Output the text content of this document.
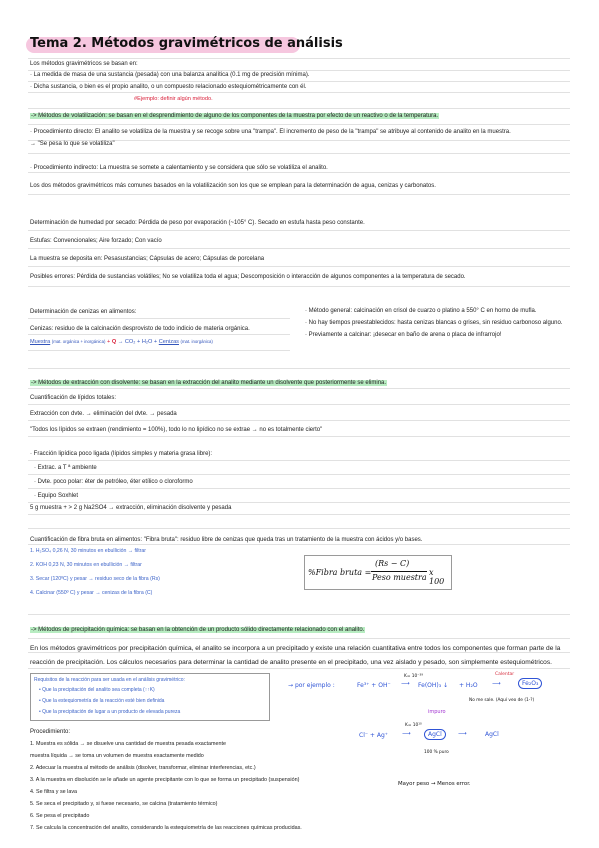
Tema 2. Métodos gravimétricos de análisis
Los métodos gravimétricos se basan en:
· La medida de masa de una sustancia (pesada) con una balanza analítica (0.1 mg de precisión mínima).
· Dicha sustancia, o bien es el propio analito, o un compuesto relacionado estequiométricamente con él.
#Ejemplo: definir algún método.
-> Métodos de volatilización: se basan en el desprendimiento de alguno de los componentes de la muestra por efecto de un reactivo o de la temperatura.
· Procedimiento directo: El analito se volatiliza de la muestra y se recoge sobre una "trampa". El incremento de peso de la "trampa" se atribuye al contenido de analito en la muestra.
→ "Se pesa lo que se volatiliza"
· Procedimiento indirecto: La muestra se somete a calentamiento y se considera que sólo se volatiliza el analito.
Los dos métodos gravimétricos más comunes basados en la volatilización son los que se emplean para la determinación de agua, cenizas y carbonatos.
Determinación de humedad por secado: Pérdida de peso por evaporación (~105° C). Secado en estufa hasta peso constante.
Estufas: Convencionales; Aire forzado; Con vacío
La muestra se deposita en: Pesasustancias; Cápsulas de acero; Cápsulas de porcelana
Posibles errores: Pérdida de sustancias volátiles; No se volatiliza toda el agua; Descomposición o interacción de algunos componentes a la temperatura de secado.
Determinación de cenizas en alimentos:
Cenizas: residuo de la calcinación desprovisto de todo indicio de materia orgánica.
Muestra (mat. orgánica + inorgánica) + Q → CO₂ + H₂O + Cenizas (mat. inorgánica)
· Método general: calcinación en crisol de cuarzo o platino a 550° C en horno de mufla.
· No hay tiempos preestablecidos: hasta cenizas blancas o grises, sin residuo carbonoso alguno.
· Previamente a calcinar: ¡desecar en baño de arena o placa de infrarrojo!
-> Métodos de extracción con disolvente: se basan en la extracción del analito mediante un disolvente que posteriormente se elimina.
Cuantificación de lípidos totales:
Extracción con dvte. → eliminación del dvte. → pesada
"Todos los lípidos se extraen (rendimiento = 100%), todo lo no lipídico no se extrae → no es totalmente cierto"
· Fracción lipídica poco ligada (lípidos simples y materia grasa libre):
· Extrac. a T ª ambiente
· Dvte. poco polar: éter de petróleo, éter etílico o cloroformo
· Equipo Soxhlet
5 g muestra + > 2 g Na2SO4 → extracción, eliminación disolvente y pesada
Cuantificación de fibra bruta en alimentos: "Fibra bruta": residuo libre de cenizas que queda tras un tratamiento de la muestra con ácidos y/o bases.
1. H₂SO₄ 0,26 N, 30 minutos en ebullición → filtrar
2. KOH 0,23 N, 30 minutos en ebullición → filtrar
3. Secar (120ºC) y pesar → residuo seco de la fibra (Rs)
4. Calcinar (550º C) y pesar → cenizas de la fibra (C)
%Fibra bruta =
(Rs − C)
Peso muestra
x 100
-> Métodos de precipitación química: se basan en la obtención de un producto sólido directamente relacionado con el analito.
En los métodos gravimétricos por precipitación química, el analito se incorpora a un precipitado y existe una relación cuantitativa entre todos los componentes que forman parte de la reacción de precipitación. Los cálculos necesarios para determinar la cantidad de analito presente en el precipitado, una vez aislado y pesado, son simplemente estequiométricos.
Requisitos de la reacción para ser usada en el análisis gravimétrico:
• Que la precipitación del analito sea completa (↑↑K)
• Que la estequiometría de la reacción esté bien definida
• Que la precipitación de lugar a un producto de elevada pureza
Procedimiento:
1. Muestra es sólida → se disuelve una cantidad de muestra pesada exactamente
muestra líquida → se toma un volumen de muestra exactamente medido
2. Adecuar la muestra al método de análisis (disolver, transformar, eliminar interferencias, etc.)
3. A la muestra en disolución se le añade un agente precipitante con lo que se forma un precipitado (suspensión)
4. Se filtra y se lava
5. Se seca el precipitado y, si fuese necesario, se calcina (tratamiento térmico)
6. Se pesa el precipitado
7. Se calcula la concentración del analito, considerando la estequiometría de las reacciones químicas producidas.
→ por ejemplo :	Fe³⁺ + OH⁻
K= 10⁻³⁹
⟶ Fe(OH)₃ ↓ + H₂O
Calentar
⟶	Fe₂O₃
No me sale. (Aquí veo de (1-?)
impuro
Cl⁻ + Ag⁺
K= 10¹⁰
⟶	AgCl	⟶	AgCl
100 % puro
Mayor peso → Menos error.
